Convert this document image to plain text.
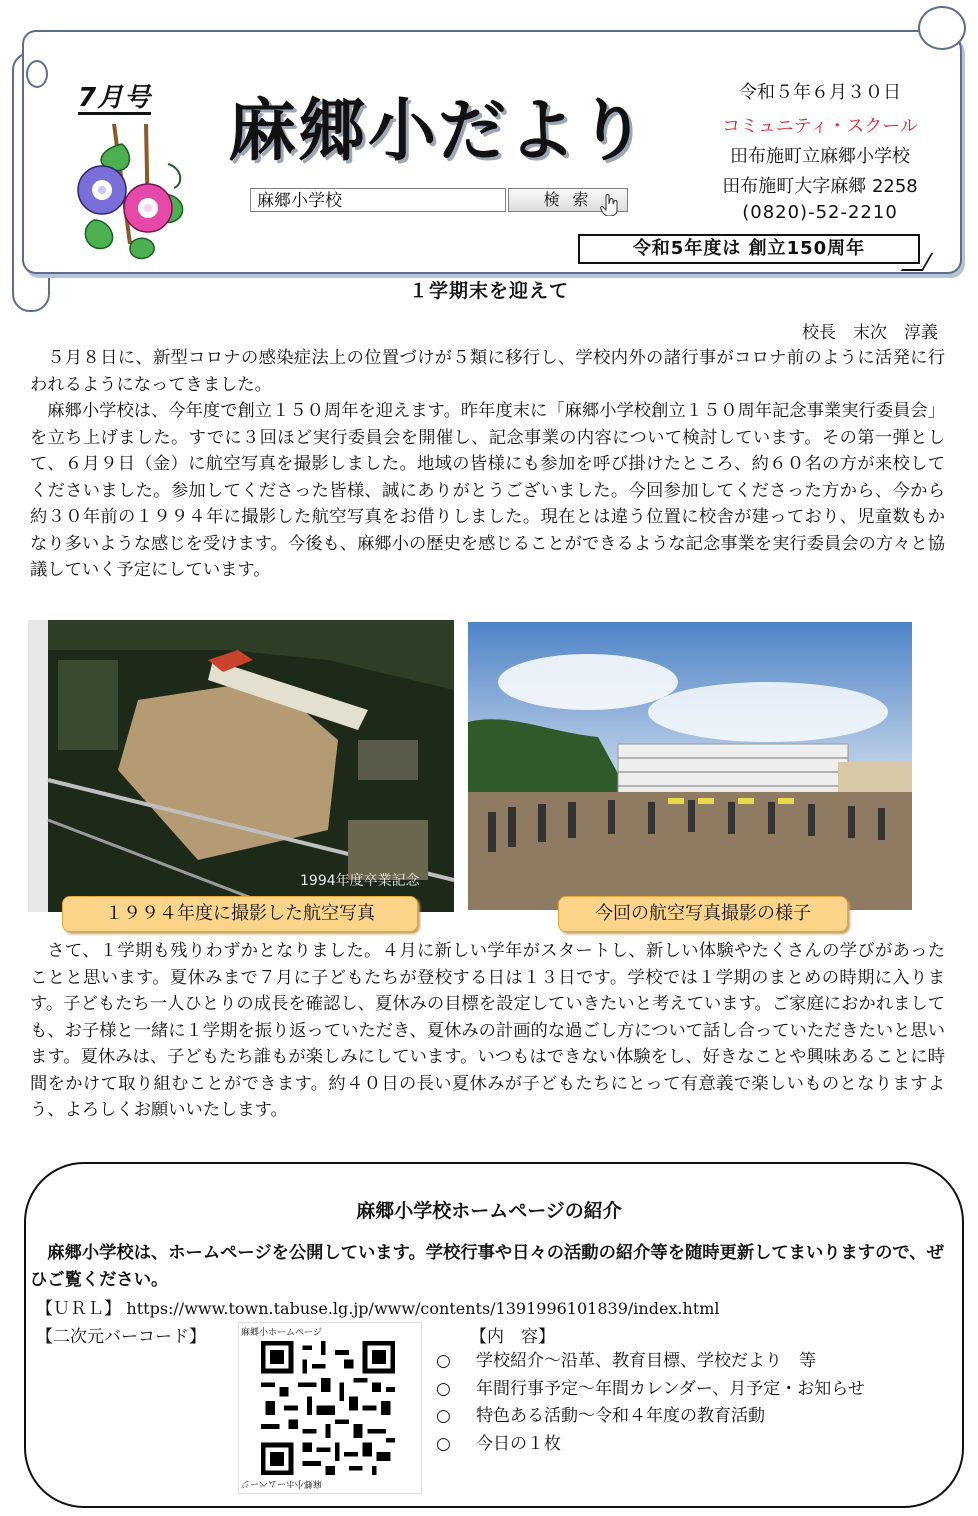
7月号 麻郷小だより
麻郷小学校	検 索
令和５年６月３０日
コミュニティ・スクール
田布施町立麻郷小学校
田布施町大字麻郷 2258
(0820)-52-2210
令和5年度は 創立150周年
１学期末を迎えて
校長　末次　淳義

５月８日に、新型コロナの感染症法上の位置づけが５類に移行し、学校内外の諸行事がコロナ前のように活発に行われるようになってきました。

麻郷小学校は、今年度で創立１５０周年を迎えます。昨年度末に「麻郷小学校創立１５０周年記念事業実行委員会」を立ち上げました。すでに３回ほど実行委員会を開催し、記念事業の内容について検討しています。その第一弾として、６月９日（金）に航空写真を撮影しました。地域の皆様にも参加を呼び掛けたところ、約６０名の方が来校してくださいました。参加してくださった皆様、誠にありがとうございました。今回参加してくださった方から、今から約３０年前の１９９４年に撮影した航空写真をお借りしました。現在とは違う位置に校舎が建っており、児童数もかなり多いような感じを受けます。今後も、麻郷小の歴史を感じることができるような記念事業を実行委員会の方々と協議していく予定にしています。

1994年度卒業記念
１９９４年度に撮影した航空写真	今回の航空写真撮影の様子

さて、１学期も残りわずかとなりました。４月に新しい学年がスタートし、新しい体験やたくさんの学びがあったことと思います。夏休みまで７月に子どもたちが登校する日は１３日です。学校では１学期のまとめの時期に入ります。子どもたち一人ひとりの成長を確認し、夏休みの目標を設定していきたいと考えています。ご家庭におかれましても、お子様と一緒に１学期を振り返っていただき、夏休みの計画的な過ごし方について話し合っていただきたいと思います。夏休みは、子どもたち誰もが楽しみにしています。いつもはできない体験をし、好きなことや興味あることに時間をかけて取り組むことができます。約４０日の長い夏休みが子どもたちにとって有意義で楽しいものとなりますよう、よろしくお願いいたします。

麻郷小学校ホームページの紹介

麻郷小学校は、ホームページを公開しています。学校行事や日々の活動の紹介等を随時更新してまいりますので、ぜひご覧ください。

【ＵＲＬ】 https://www.town.tabuse.lg.jp/www/contents/1391996101839/index.html
【二次元バーコード】	麻郷小ホームページ
麻郷小ホームページ
【内　容】
○ 学校紹介～沿革、教育目標、学校だより　等
○ 年間行事予定～年間カレンダー、月予定・お知らせ
○ 特色ある活動～令和４年度の教育活動
○ 今日の１枚
